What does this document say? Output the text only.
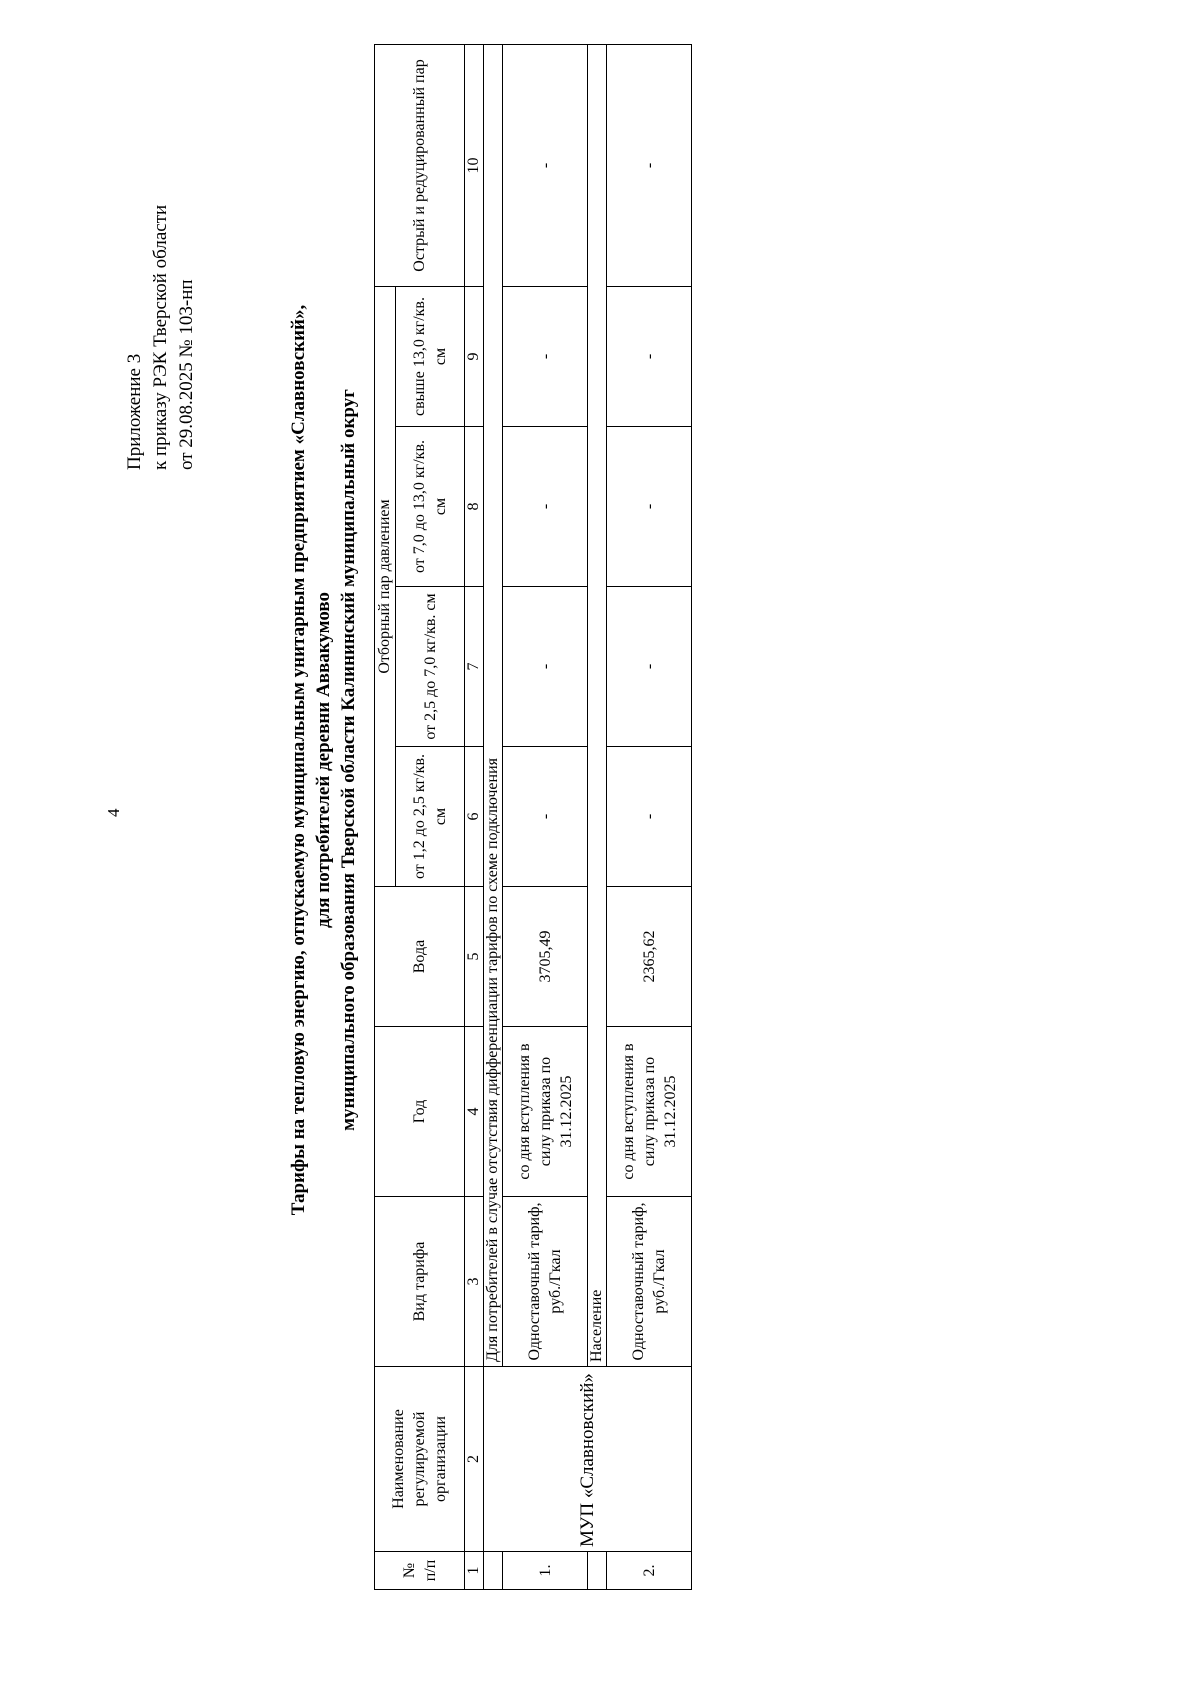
4
Приложение 3 к приказу РЭК Тверской области от 29.08.2025 № 103-нп	Тарифы на тепловую энергию, отпускаемую муниципальным унитарным предприятием «Славновский», для потребителей деревни Аввакумово муниципального образования Тверской области Калининский муниципальный округ
№ п/п	Наименование регулируемой организации	Вид тарифа	Год	Вода	Отборный пар давлением				Острый и редуцированный пар
					от 1,2 до 2,5 кг/кв. см	от 2,5 до 7,0 кг/кв. см	от 7,0 до 13,0 кг/кв. см	свыше 13,0 кг/кв. см	
1	2	3	4	5	6	7	8	9	10
	МУП «Славновский»	Для потребителей в случае отсутствия дифференциации тарифов по схеме подключения							
1.		Одноставочный тариф, руб./Гкал	со дня вступления в силу приказа по 31.12.2025	3705,49	-	-	-	-	-
		Население							
2.		Одноставочный тариф, руб./Гкал	со дня вступления в силу приказа по 31.12.2025	2365,62	-	-	-	-	-
